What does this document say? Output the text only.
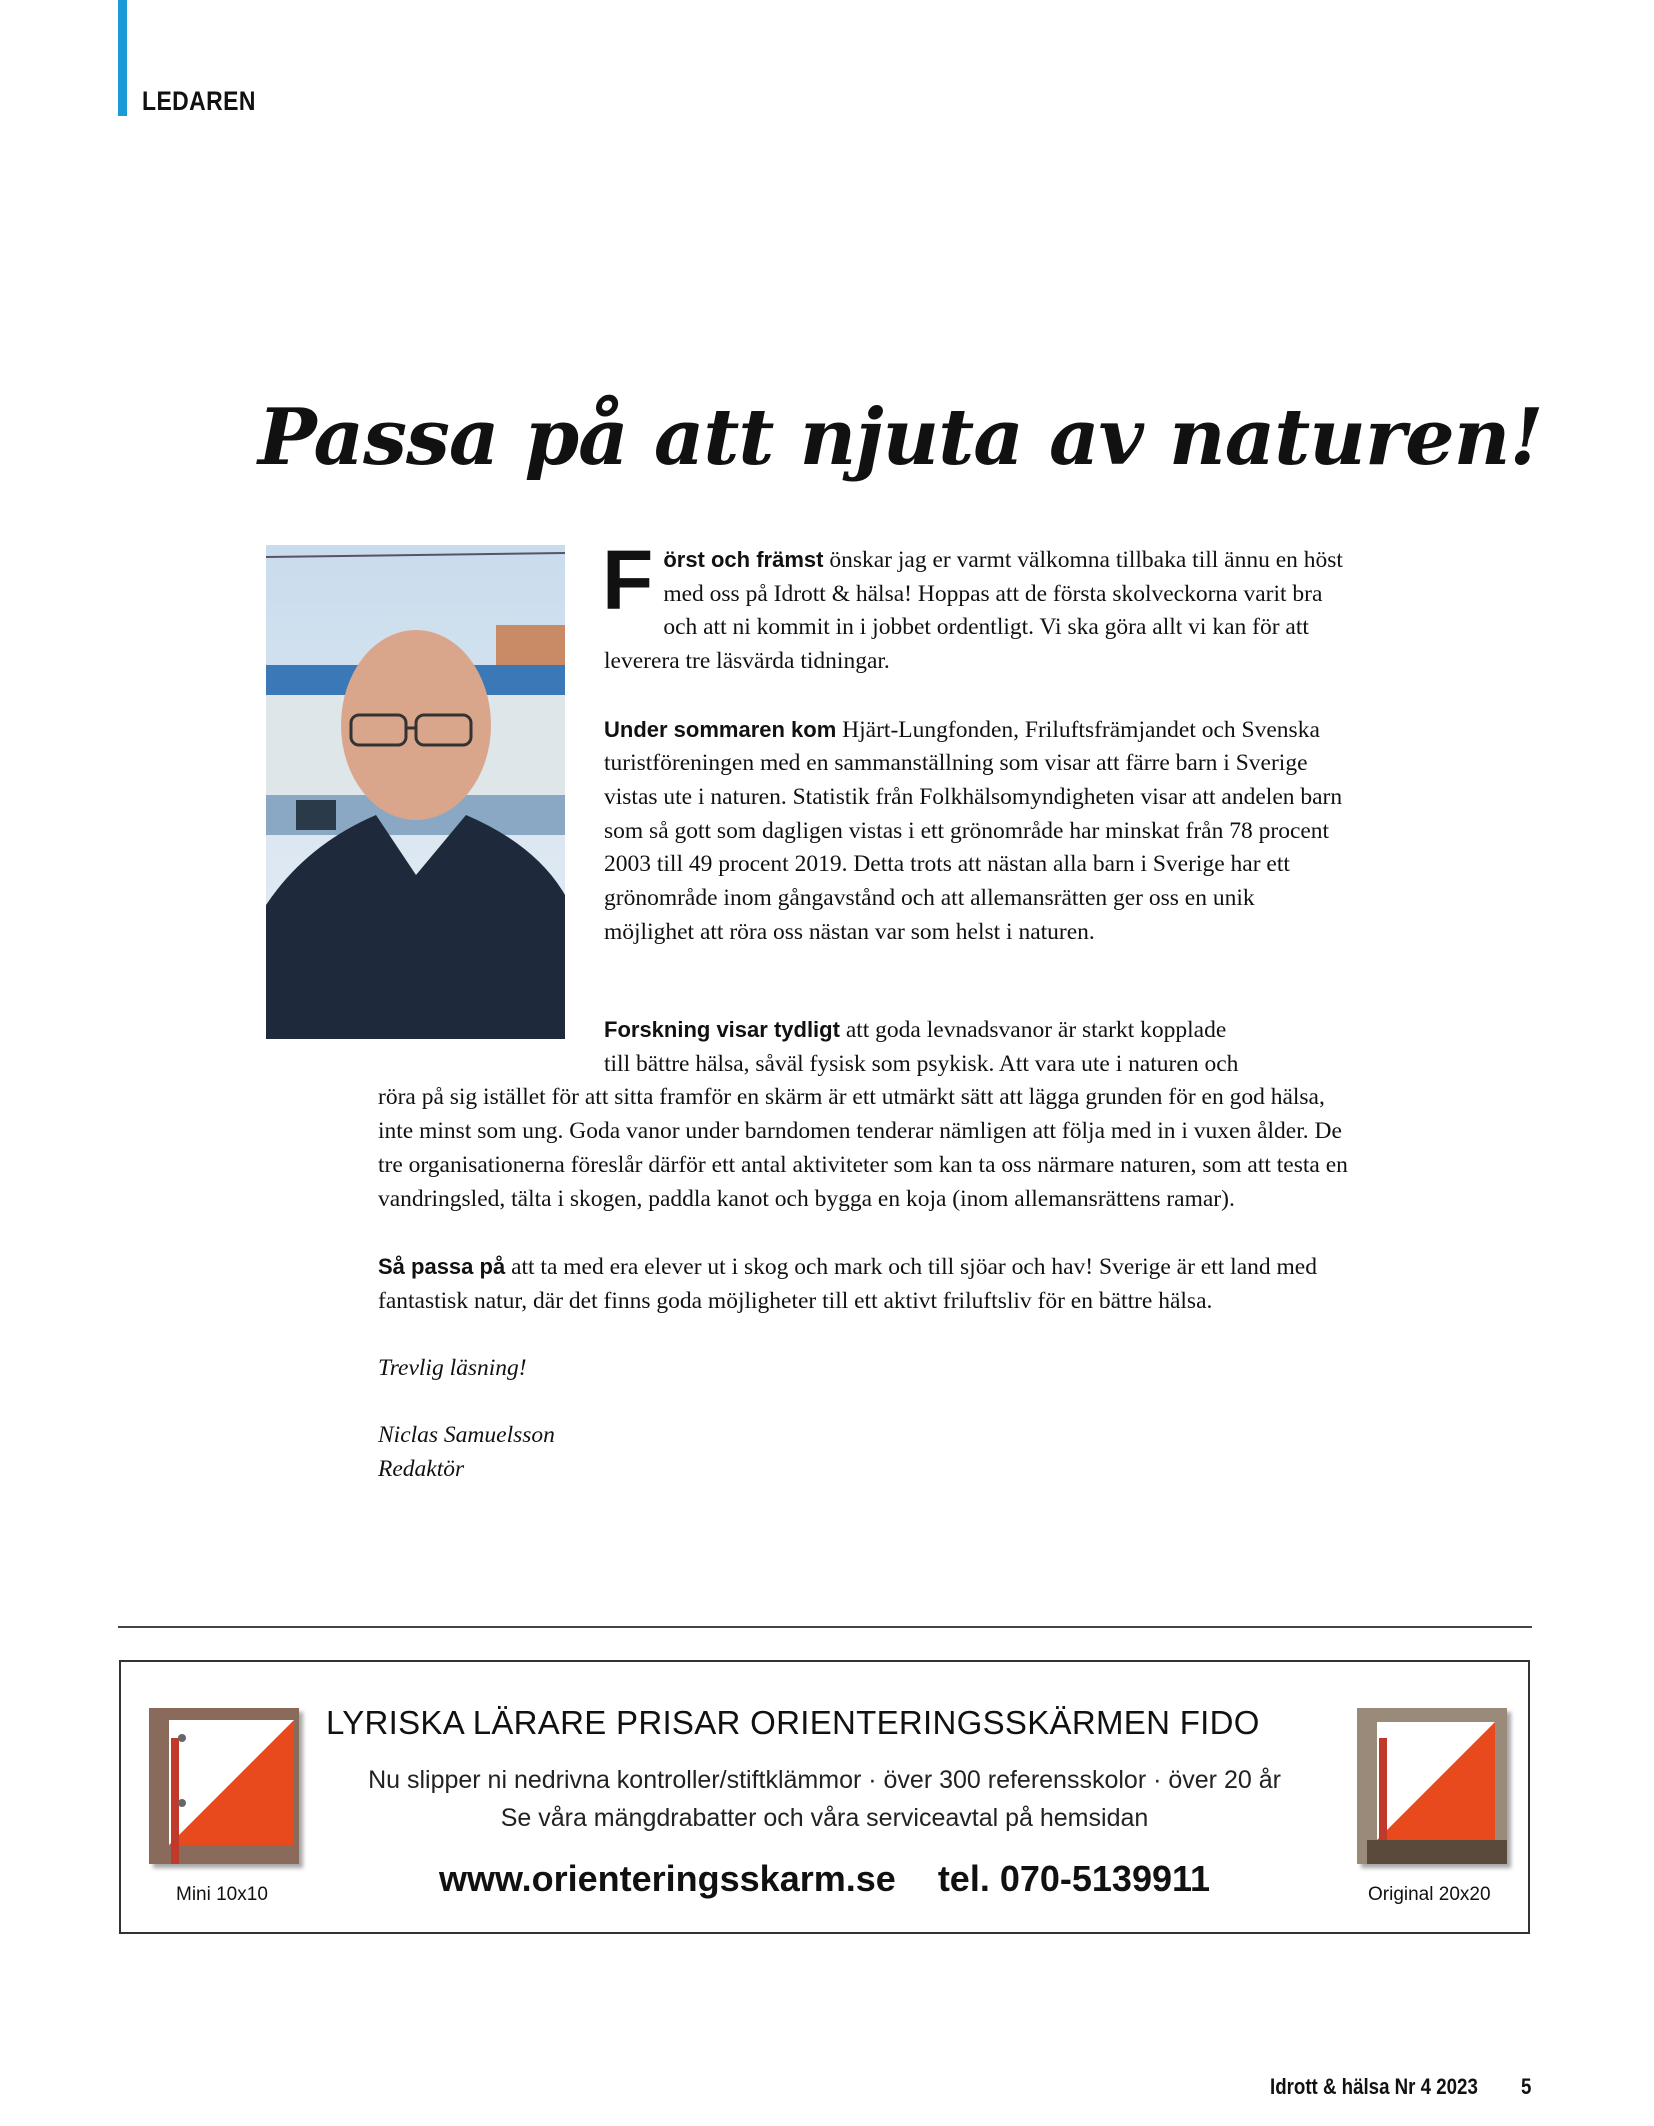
LEDAREN
Passa på att njuta av naturen!

Först och främst önskar jag er varmt välkomna tillbaka till ännu en höst med oss på Idrott & hälsa! Hoppas att de första skolveckorna varit bra och att ni kommit in i jobbet ordentligt. Vi ska göra allt vi kan för att leverera tre läsvärda tidningar.

Under sommaren kom Hjärt-Lungfonden, Friluftsfrämjandet och Svenska turistföreningen med en sammanställning som visar att färre barn i Sverige vistas ute i naturen. Statistik från Folkhälsomyndigheten visar att andelen barn som så gott som dagligen vistas i ett grönområde har minskat från 78 procent 2003 till 49 procent 2019. Detta trots att nästan alla barn i Sverige har ett grönområde inom gångavstånd och att allemansrätten ger oss en unik möjlighet att röra oss nästan var som helst i naturen.

Forskning visar tydligt att goda levnadsvanor är starkt kopplade
till bättre hälsa, såväl fysisk som psykisk. Att vara ute i naturen och
röra på sig istället för att sitta framför en skärm är ett utmärkt sätt att lägga grunden för en god hälsa, inte minst som ung. Goda vanor under barndomen tenderar nämligen att följa med in i vuxen ålder. De tre organisationerna föreslår därför ett antal aktiviteter som kan ta oss närmare naturen, som att testa en vandringsled, tälta i skogen, paddla kanot och bygga en koja (inom allemansrättens ramar).

Så passa på att ta med era elever ut i skog och mark och till sjöar och hav! Sverige är ett land med fantastisk natur, där det finns goda möjligheter till ett aktivt friluftsliv för en bättre hälsa.

Trevlig läsning!

Niclas Samuelsson
Redaktör

LYRISKA LÄRARE PRISAR ORIENTERINGSSKÄRMEN FIDO
Nu slipper ni nedrivna kontroller/stiftklämmor · över 300 referensskolor · över 20 år
Se våra mängdrabatter och våra serviceavtal på hemsidan
www.orienteringsskarm.se tel. 070-5139911
Mini 10x10	Original 20x20
Idrott & hälsa Nr 4 2023 5
